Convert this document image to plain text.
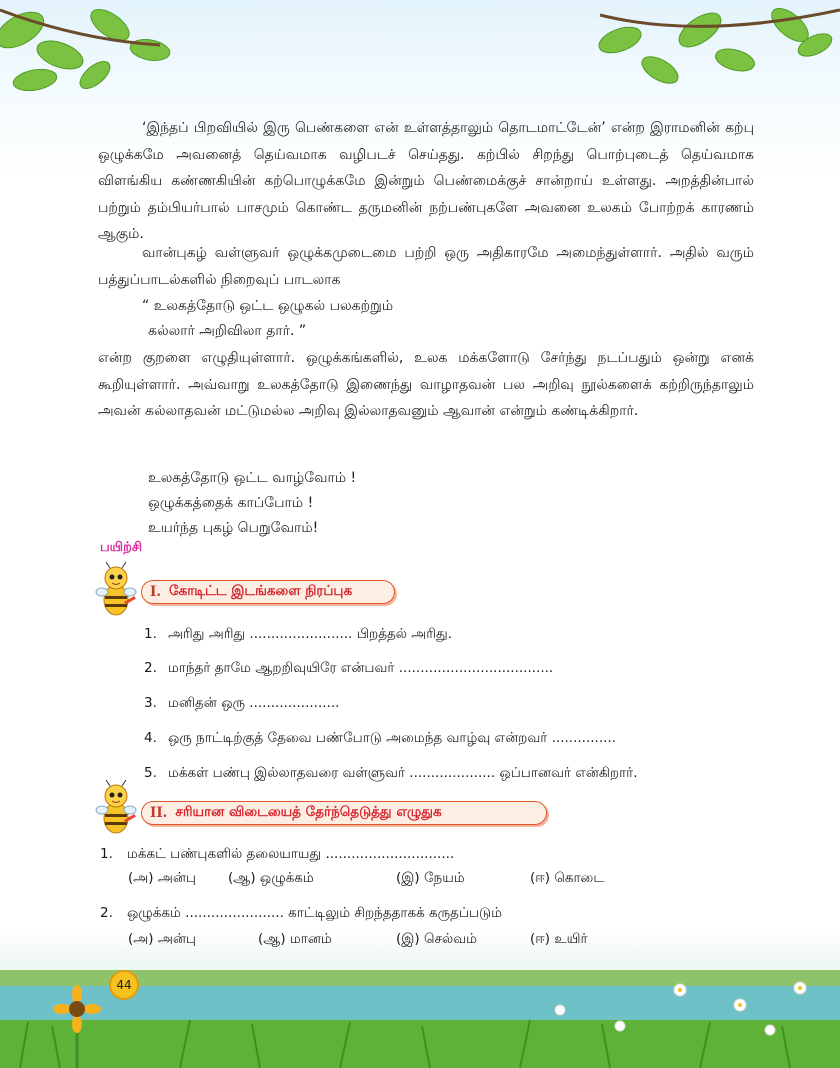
‘இந்தப் பிறவியில் இரு பெண்களை என் உள்ளத்தாலும் தொடமாட்டேன்’ என்ற இராமனின் கற்பு ஒழுக்கமே அவனைத் தெய்வமாக வழிபடச் செய்தது. கற்பில் சிறந்து பொற்புடைத் தெய்வமாக விளங்கிய கண்ணகியின் கற்பொழுக்கமே இன்றும் பெண்மைக்குச் சான்றாய் உள்ளது. அறத்தின்பால் பற்றும் தம்பியர்பால் பாசமும் கொண்ட தருமனின் நற்பண்புகளே அவனை உலகம் போற்றக் காரணம் ஆகும்.

வான்புகழ் வள்ளுவர் ஒழுக்கமுடைமை பற்றி ஒரு அதிகாரமே அமைந்துள்ளார். அதில் வரும் பத்துப்பாடல்களில் நிறைவுப் பாடலாக

“ உலகத்தோடு ஒட்ட ஒழுகல் பலகற்றும்
கல்லார் அறிவிலா தார். ”

என்ற குறளை எழுதியுள்ளார். ஒழுக்கங்களில், உலக மக்களோடு சேர்ந்து நடப்பதும் ஒன்று எனக் கூறியுள்ளார். அவ்வாறு உலகத்தோடு இணைந்து வாழாதவன் பல அறிவு நூல்களைக் கற்றிருந்தாலும் அவன் கல்லாதவன் மட்டுமல்ல அறிவு இல்லாதவனும் ஆவான் என்றும் கண்டிக்கிறார்.

உலகத்தோடு ஒட்ட வாழ்வோம் !
ஒழுக்கத்தைக் காப்போம் !
உயர்ந்த புகழ் பெறுவோம்!
பயிற்சி
I. கோடிட்ட இடங்களை நிரப்புக
1. அரிது அரிது ........................ பிறத்தல் அரிது.
2. மாந்தர் தாமே ஆறறிவுயிரே என்பவர் ....................................
3. மனிதன் ஒரு .....................
4. ஒரு நாட்டிற்குத் தேவை பண்போடு அமைந்த வாழ்வு என்றவர் ...............
5. மக்கள் பண்பு இல்லாதவரை வள்ளுவர் .................... ஒப்பானவர் என்கிறார்.
II. சரியான விடையைத் தேர்ந்தெடுத்து எழுதுக
1. மக்கட் பண்புகளில் தலையாயது ..............................
(அ) அன்பு (ஆ) ஒழுக்கம்	(இ) நேயம்	(ஈ) கொடை
2. ஒழுக்கம் ....................... காட்டிலும் சிறந்ததாகக் கருதப்படும்
(அ) அன்பு	(ஆ) மானம்	(இ) செல்வம்	(ஈ) உயிர்
44
